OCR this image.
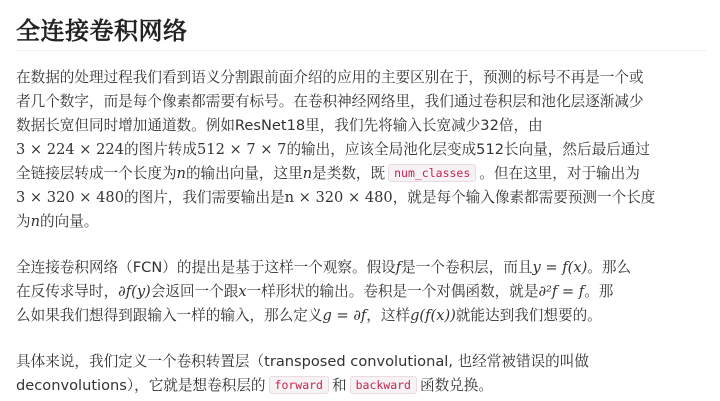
全连接卷积网络
在数据的处理过程我们看到语义分割跟前面介绍的应用的主要区别在于，预测的标号不再是一个或
者几个数字，而是每个像素都需要有标号。在卷积神经网络里，我们通过卷积层和池化层逐渐减少
数据长宽但同时增加通道数。例如ResNet18里，我们先将输入长宽减少32倍，由
3 × 224 × 224的图片转成512 × 7 × 7的输出，应该全局池化层变成512长向量，然后最后通过
全链接层转成一个长度为n的输出向量，这里n是类数，既 num_classes 。但在这里，对于输出为
3 × 320 × 480的图片，我们需要输出是n × 320 × 480，就是每个输入像素都需要预测一个长度
为n的向量。
全连接卷积网络（FCN）的提出是基于这样一个观察。假设f是一个卷积层，而且y = f(x)。那么
在反传求导时，∂f(y)会返回一个跟x一样形状的输出。卷积是一个对偶函数，就是∂²f = f。那
么如果我们想得到跟输入一样的输入，那么定义g = ∂f，这样g(f(x))就能达到我们想要的。
具体来说，我们定义一个卷积转置层（transposed convolutional, 也经常被错误的叫做
deconvolutions），它就是想卷积层的 forward 和 backward 函数兑换。
